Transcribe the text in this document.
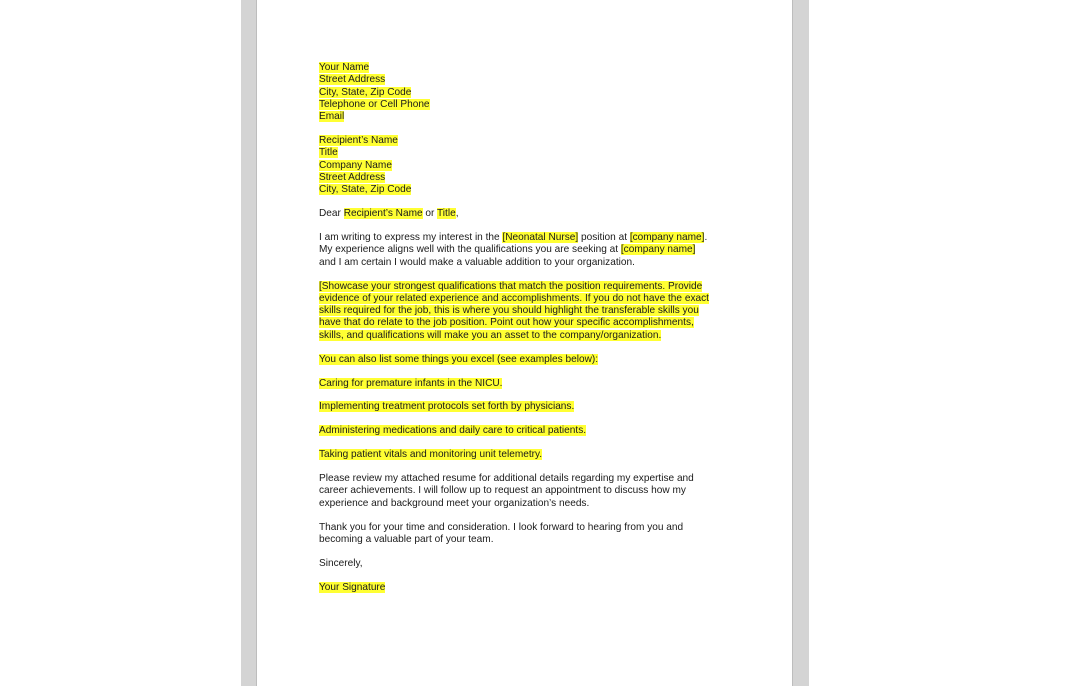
Your Name
Street Address
City, State, Zip Code
Telephone or Cell Phone
Email

Recipient’s Name
Title
Company Name
Street Address
City, State, Zip Code

Dear Recipient’s Name or Title,

I am writing to express my interest in the [Neonatal Nurse] position at [company name].
My experience aligns well with the qualifications you are seeking at [company name]
and I am certain I would make a valuable addition to your organization.

[Showcase your strongest qualifications that match the position requirements. Provide
evidence of your related experience and accomplishments. If you do not have the exact
skills required for the job, this is where you should highlight the transferable skills you
have that do relate to the job position. Point out how your specific accomplishments,
skills, and qualifications will make you an asset to the company/organization.

You can also list some things you excel (see examples below):

Caring for premature infants in the NICU.

Implementing treatment protocols set forth by physicians.

Administering medications and daily care to critical patients.

Taking patient vitals and monitoring unit telemetry.

Please review my attached resume for additional details regarding my expertise and
career achievements. I will follow up to request an appointment to discuss how my
experience and background meet your organization’s needs.

Thank you for your time and consideration. I look forward to hearing from you and
becoming a valuable part of your team.

Sincerely,

Your Signature
